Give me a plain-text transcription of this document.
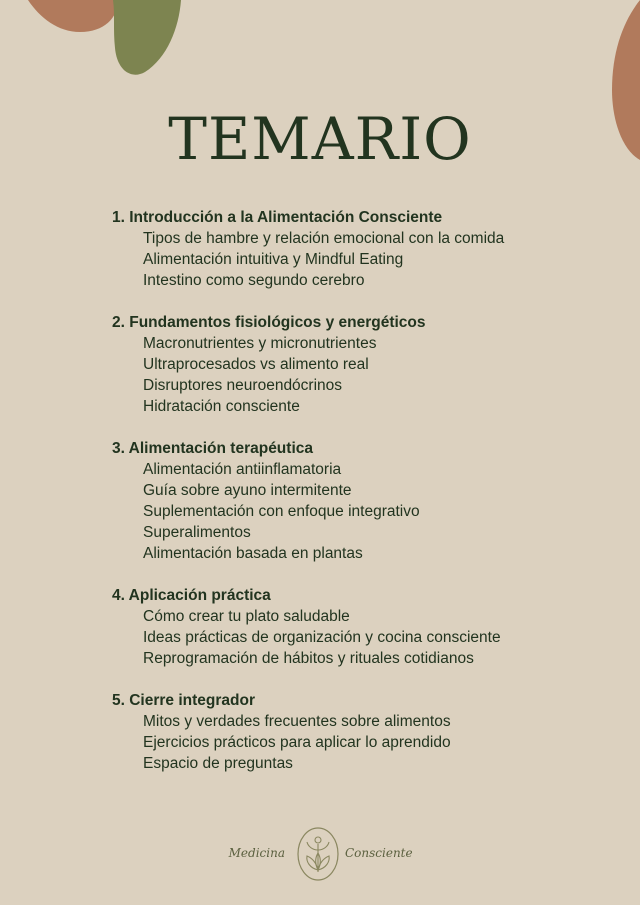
TEMARIO
1. Introducción a la Alimentación Consciente
Tipos de hambre y relación emocional con la comida
Alimentación intuitiva y Mindful Eating
Intestino como segundo cerebro
2. Fundamentos fisiológicos y energéticos
Macronutrientes y micronutrientes
Ultraprocesados vs alimento real
Disruptores neuroendócrinos
Hidratación consciente
3. Alimentación terapéutica
Alimentación antiinflamatoria
Guía sobre ayuno intermitente
Suplementación con enfoque integrativo
Superalimentos
Alimentación basada en plantas
4. Aplicación práctica
Cómo crear tu plato saludable
Ideas prácticas de organización y cocina consciente
Reprogramación de hábitos y rituales cotidianos
5. Cierre integrador
Mitos y verdades frecuentes sobre alimentos
Ejercicios prácticos para aplicar lo aprendido
Espacio de preguntas
Medicina	Consciente
